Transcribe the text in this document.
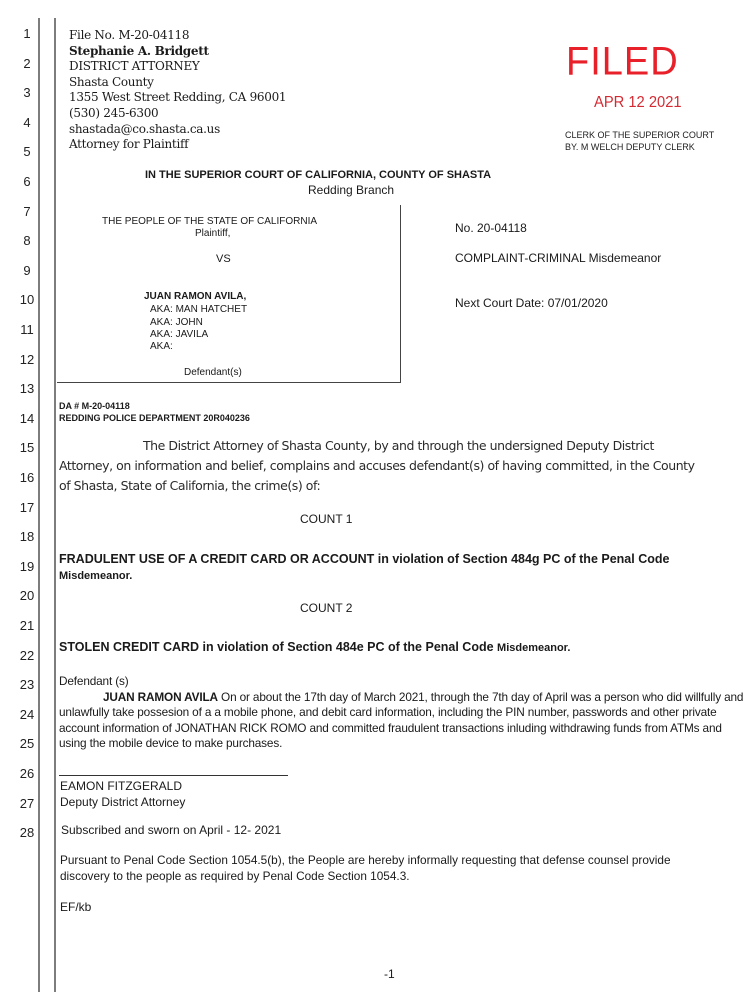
1
2
3
4
5
6
7
8
9
10
11
12
13
14
15
16
17
18
19
20
21
22
23
24
25
26
27
28
File No. M-20-04118
Stephanie A. Bridgett
DISTRICT ATTORNEY
Shasta County
1355 West Street Redding, CA 96001
(530) 245-6300
shastada@co.shasta.ca.us
Attorney for Plaintiff
FILED
APR 12 2021
CLERK OF THE SUPERIOR COURT
BY. M WELCH DEPUTY CLERK
IN THE SUPERIOR COURT OF CALIFORNIA, COUNTY OF SHASTA
Redding Branch
THE PEOPLE OF THE STATE OF CALIFORNIA
Plaintiff,
VS
JUAN RAMON AVILA,
AKA: MAN HATCHET
AKA: JOHN
AKA: JAVILA
AKA:
Defendant(s)
No. 20-04118
COMPLAINT-CRIMINAL Misdemeanor
Next Court Date: 07/01/2020
DA # M-20-04118
REDDING POLICE DEPARTMENT 20R040236
The District Attorney of Shasta County, by and through the undersigned Deputy District Attorney, on information and belief, complains and accuses defendant(s) of having committed, in the County of Shasta, State of California, the crime(s) of:
COUNT 1
FRADULENT USE OF A CREDIT CARD OR ACCOUNT in violation of Section 484g PC of the Penal Code Misdemeanor.
COUNT 2
STOLEN CREDIT CARD in violation of Section 484e PC of the Penal Code Misdemeanor.
Defendant (s)
JUAN RAMON AVILA On or about the 17th day of March 2021, through the 7th day of April was a person who did willfully and unlawfully take possesion of a a mobile phone, and debit card information, including the PIN number, passwords and other private account information of JONATHAN RICK ROMO and committed fraudulent transactions inluding withdrawing funds from ATMs and using the mobile device to make purchases.
EAMON FITZGERALD
Deputy District Attorney
Subscribed and sworn on April - 12- 2021
Pursuant to Penal Code Section 1054.5(b), the People are hereby informally requesting that defense counsel provide discovery to the people as required by Penal Code Section 1054.3.
EF/kb
-1
